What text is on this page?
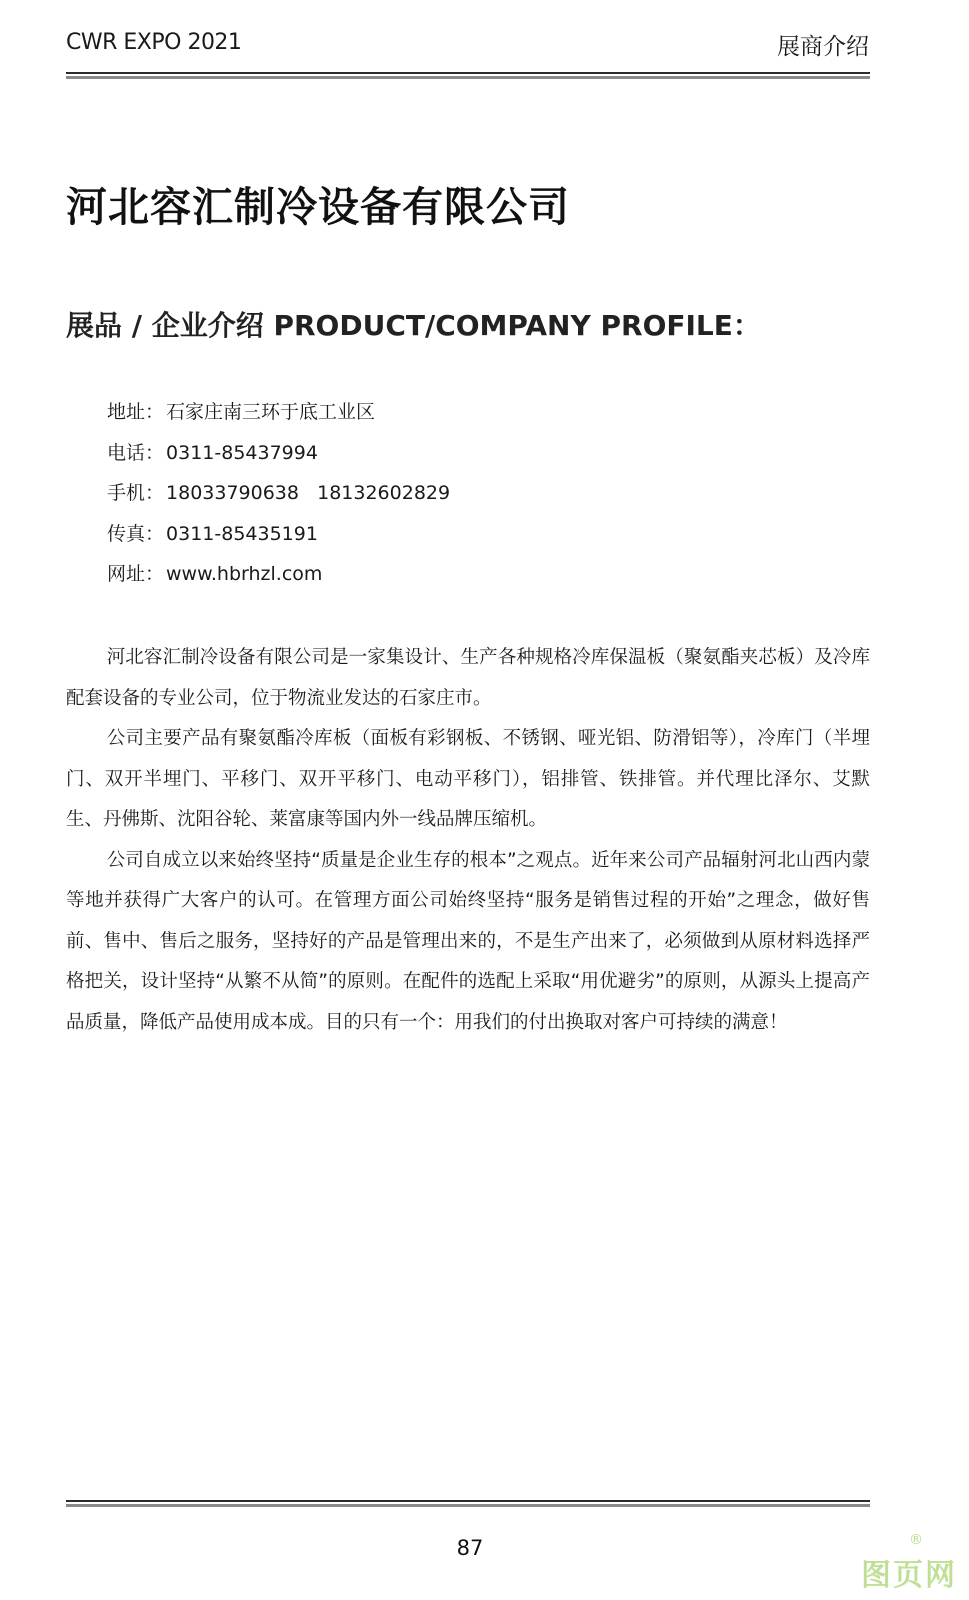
CWR EXPO 2021	展商介绍
河北容汇制冷设备有限公司
展品 / 企业介绍 PRODUCT/COMPANY PROFILE：
地址： 石家庄南三环于底工业区
电话： 0311-85437994
手机： 18033790638   18132602829
传真： 0311-85435191
网址： www.hbrhzl.com

河北容汇制冷设备有限公司是一家集设计、生产各种规格冷库保温板（聚氨酯夹芯板）及冷库配套设备的专业公司，位于物流业发达的石家庄市。

公司主要产品有聚氨酯冷库板（面板有彩钢板、不锈钢、哑光铝、防滑铝等），冷库门（半埋门、双开半埋门、平移门、双开平移门、电动平移门），铝排管、铁排管。并代理比泽尔、艾默生、丹佛斯、沈阳谷轮、莱富康等国内外一线品牌压缩机。

公司自成立以来始终坚持“质量是企业生存的根本”之观点。近年来公司产品辐射河北山西内蒙等地并获得广大客户的认可。在管理方面公司始终坚持“服务是销售过程的开始”之理念，做好售前、售中、售后之服务，坚持好的产品是管理出来的，不是生产出来了，必须做到从原材料选择严格把关，设计坚持“从繁不从简”的原则。在配件的选配上采取“用优避劣”的原则，从源头上提高产品质量，降低产品使用成本成。目的只有一个：用我们的付出换取对客户可持续的满意！

87	®
图页网
